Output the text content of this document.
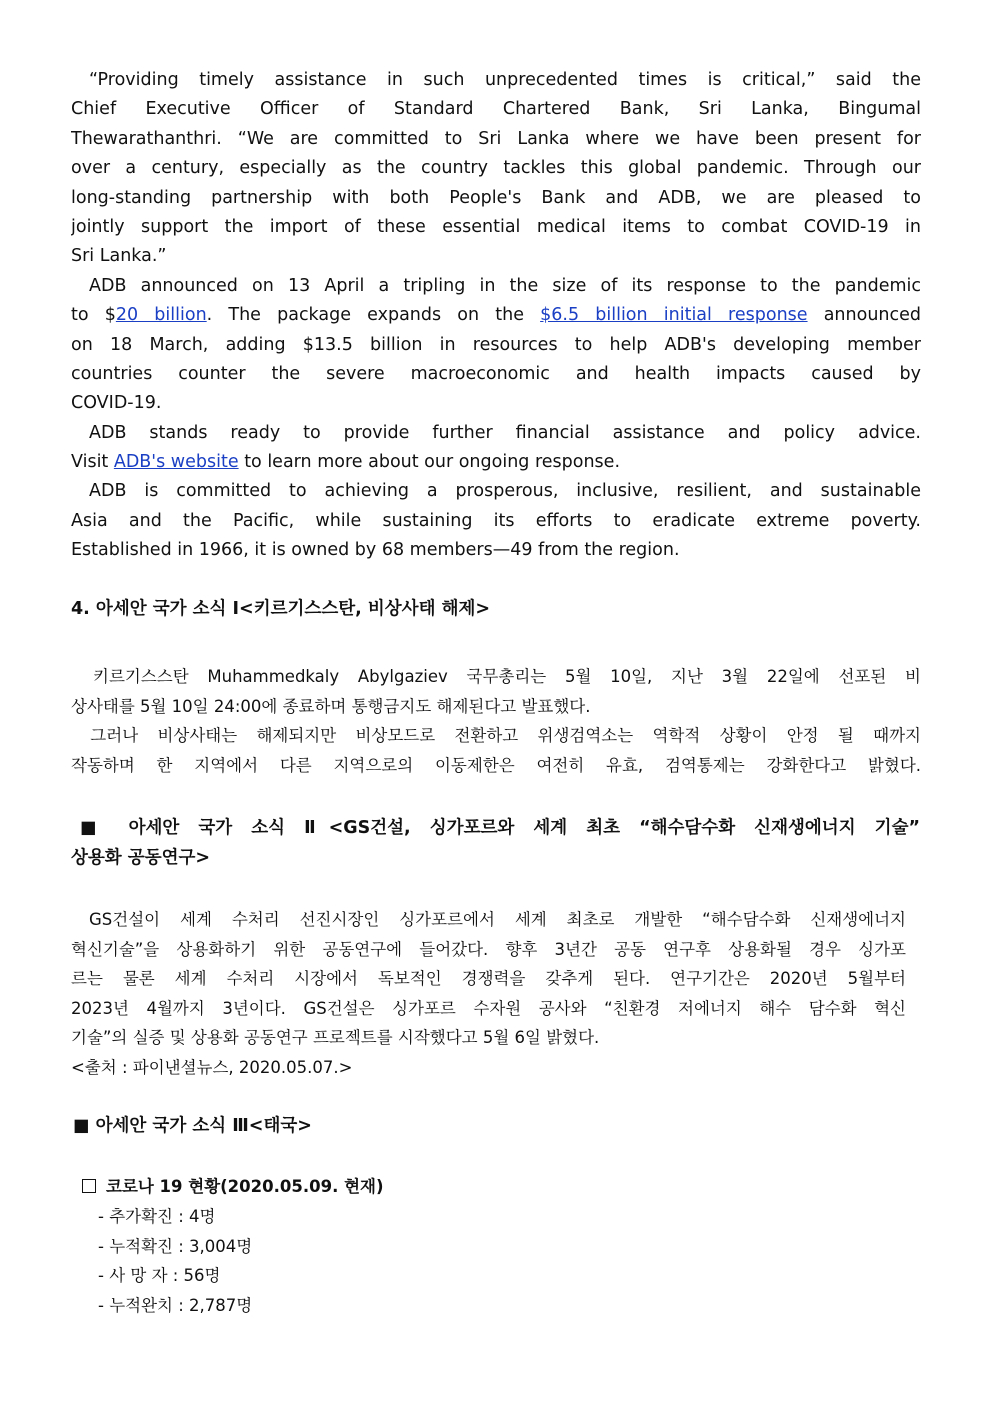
“Providing timely assistance in such unprecedented times is critical,” said the
Chief Executive Officer of Standard Chartered Bank, Sri Lanka, Bingumal
Thewarathanthri. “We are committed to Sri Lanka where we have been present for
over a century, especially as the country tackles this global pandemic. Through our
long-standing partnership with both People's Bank and ADB, we are pleased to
jointly support the import of these essential medical items to combat COVID-19 in
Sri Lanka.”
ADB announced on 13 April a tripling in the size of its response to the pandemic
to $20 billion. The package expands on the $6.5 billion initial response announced
on 18 March, adding $13.5 billion in resources to help ADB's developing member
countries counter the severe macroeconomic and health impacts caused by
COVID-19.
ADB stands ready to provide further financial assistance and policy advice.
Visit ADB's website to learn more about our ongoing response.
ADB is committed to achieving a prosperous, inclusive, resilient, and sustainable
Asia and the Pacific, while sustaining its efforts to eradicate extreme poverty.
Established in 1966, it is owned by 68 members—49 from the region.
4. 아세안 국가 소식 Ⅰ<키르기스스탄, 비상사태 해제>
키르기스스탄 Muhammedkaly Abylgaziev 국무총리는 5월 10일, 지난 3월 22일에 선포된 비
상사태를 5월 10일 24:00에 종료하며 통행금지도 해제된다고 발표했다.
그러나 비상사태는 해제되지만 비상모드로 전환하고 위생검역소는 역학적 상황이 안정 될 때까지
작동하며 한 지역에서 다른 지역으로의 이동제한은 여전히 유효, 검역통제는 강화한다고 밝혔다.
■ 아세안 국가 소식 Ⅱ<GS건설, 싱가포르와 세계 최초 “해수담수화 신재생에너지 기술”
상용화 공동연구>
GS건설이 세계 수처리 선진시장인 싱가포르에서 세계 최초로 개발한 “해수담수화 신재생에너지
혁신기술”을 상용화하기 위한 공동연구에 들어갔다. 향후 3년간 공동 연구후 상용화될 경우 싱가포
르는 물론 세계 수처리 시장에서 독보적인 경쟁력을 갖추게 된다. 연구기간은 2020년 5월부터
2023년 4월까지 3년이다. GS건설은 싱가포르 수자원 공사와 “친환경 저에너지 해수 담수화 혁신
기술”의 실증 및 상용화 공동연구 프로젝트를 시작했다고 5월 6일 밝혔다.
<출처 : 파이낸셜뉴스, 2020.05.07.>
■ 아세안 국가 소식 Ⅲ<태국>
코로나 19 현황(2020.05.09. 현재)
- 추가확진 : 4명
- 누적확진 : 3,004명
- 사 망 자 : 56명
- 누적완치 : 2,787명
